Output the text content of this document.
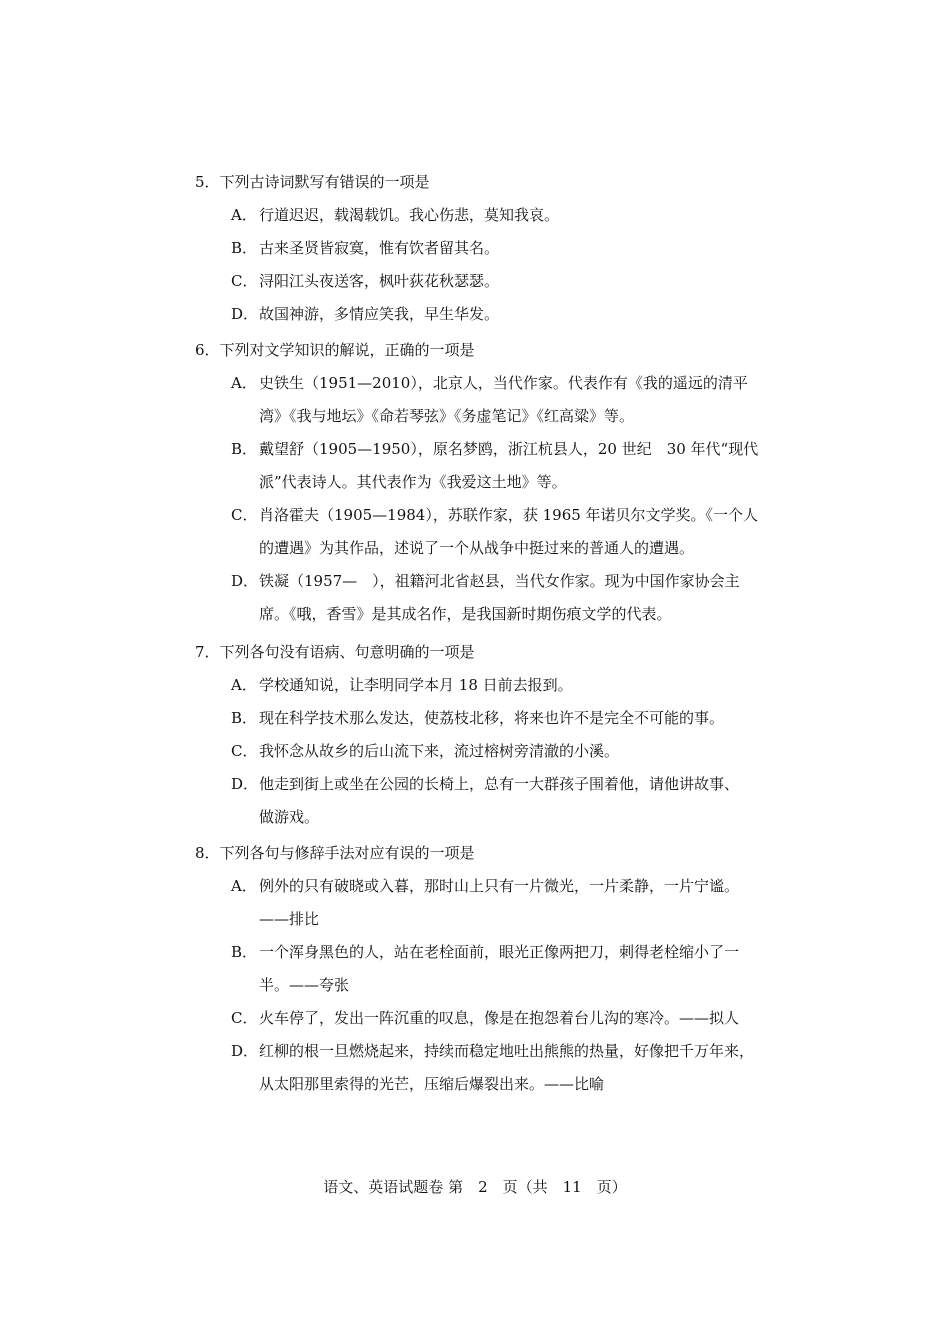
5．下列古诗词默写有错误的一项是
A． 行道迟迟，载渴载饥。我心伤悲，莫知我哀。
B． 古来圣贤皆寂寞，惟有饮者留其名。
C． 浔阳江头夜送客，枫叶荻花秋瑟瑟。
D． 故国神游，多情应笑我，早生华发。
6．下列对文学知识的解说，正确的一项是
A． 史铁生（1951—2010），北京人，当代作家。代表作有《我的遥远的清平
湾》《我与地坛》《命若琴弦》《务虚笔记》《红高粱》等。
B． 戴望舒（1905—1950），原名梦鸥，浙江杭县人，20 世纪　30 年代“现代
派”代表诗人。其代表作为《我爱这土地》等。
C． 肖洛霍夫（1905—1984），苏联作家，获 1965 年诺贝尔文学奖。《一个人
的遭遇》为其作品，述说了一个从战争中挺过来的普通人的遭遇。
D． 铁凝（1957—　），祖籍河北省赵县，当代女作家。现为中国作家协会主
席。《哦，香雪》是其成名作，是我国新时期伤痕文学的代表。
7．下列各句没有语病、句意明确的一项是
A． 学校通知说，让李明同学本月 18 日前去报到。
B． 现在科学技术那么发达，使荔枝北移，将来也许不是完全不可能的事。
C． 我怀念从故乡的后山流下来，流过榕树旁清澈的小溪。
D． 他走到街上或坐在公园的长椅上，总有一大群孩子围着他，请他讲故事、
做游戏。
8．下列各句与修辞手法对应有误的一项是
A． 例外的只有破晓或入暮，那时山上只有一片微光，一片柔静，一片宁谧。
——排比
B． 一个浑身黑色的人，站在老栓面前，眼光正像两把刀，刺得老栓缩小了一
半。——夸张
C． 火车停了，发出一阵沉重的叹息，像是在抱怨着台儿沟的寒冷。——拟人
D． 红柳的根一旦燃烧起来，持续而稳定地吐出熊熊的热量，好像把千万年来，
从太阳那里索得的光芒，压缩后爆裂出来。——比喻
语文、英语试题卷 第　2　页（共　11　页）
